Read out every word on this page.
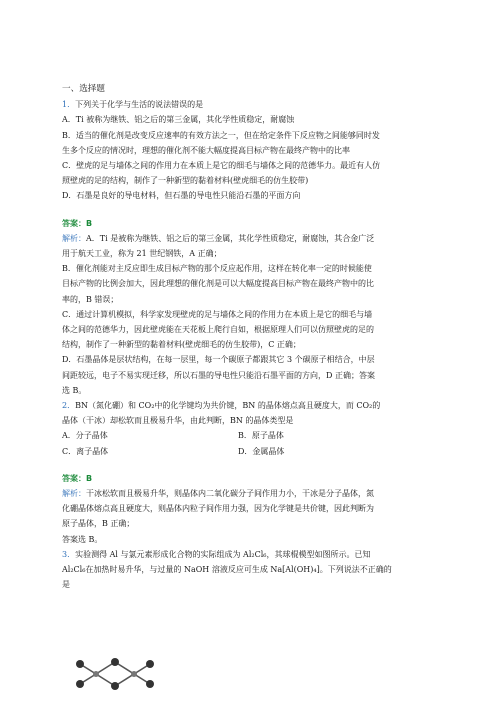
一、选择题

1．下列关于化学与生活的说法错误的是
A．Ti 被称为继铁、铝之后的第三金属，其化学性质稳定，耐腐蚀
B．适当的催化剂是改变反应速率的有效方法之一，但在给定条件下反应物之间能够同时发
生多个反应的情况时，理想的催化剂不能大幅度提高目标产物在最终产物中的比率
C．壁虎的足与墙体之间的作用力在本质上是它的细毛与墙体之间的范德华力。最近有人仿
照壁虎的足的结构，制作了一种新型的黏着材料(壁虎细毛的仿生胶带)
D．石墨是良好的导电材料，但石墨的导电性只能沿石墨的平面方向
答案：B
解析：A．Ti 是被称为继铁、铝之后的第三金属，其化学性质稳定，耐腐蚀，其合金广泛
用于航天工业，称为 21 世纪钢铁，A 正确；
B．催化剂能对主反应即生成目标产物的那个反应起作用，这样在转化率一定的时候能使
目标产物的比例会加大，因此理想的催化剂是可以大幅度提高目标产物在最终产物中的比
率的，B 错误；
C．通过计算机模拟，科学家发现壁虎的足与墙体之间的作用力在本质上是它的细毛与墙
体之间的范德华力，因此壁虎能在天花板上爬行自如，根据原理人们可以仿照壁虎的足的
结构，制作了一种新型的黏着材料(壁虎细毛的仿生胶带)，C 正确；
D．石墨晶体是层状结构，在每一层里，每一个碳原子都跟其它 3 个碳原子相结合，中层
间距较远，电子不易实现迁移，所以石墨的导电性只能沿石墨平面的方向，D 正确；答案
选 B。
2．BN（氮化硼）和 CO₂中的化学键均为共价键，BN 的晶体熔点高且硬度大，而 CO₂的
晶体（干冰）却松软而且极易升华，由此判断，BN 的晶体类型是
A．分子晶体	B．原子晶体
C．离子晶体	D．金属晶体
答案：B
解析：干冰松软而且极易升华，则晶体内二氧化碳分子间作用力小，干冰是分子晶体，氮
化硼晶体熔点高且硬度大，则晶体内粒子间作用力强，因为化学键是共价键，因此判断为
原子晶体，B 正确；
答案选 B。
3．实验测得 Al 与氯元素形成化合物的实际组成为 Al₂Cl₆，其球棍模型如图所示。已知
Al₂Cl₆在加热时易升华，与过量的 NaOH 溶液反应可生成 Na[Al(OH)₄]。下列说法不正确的
是
